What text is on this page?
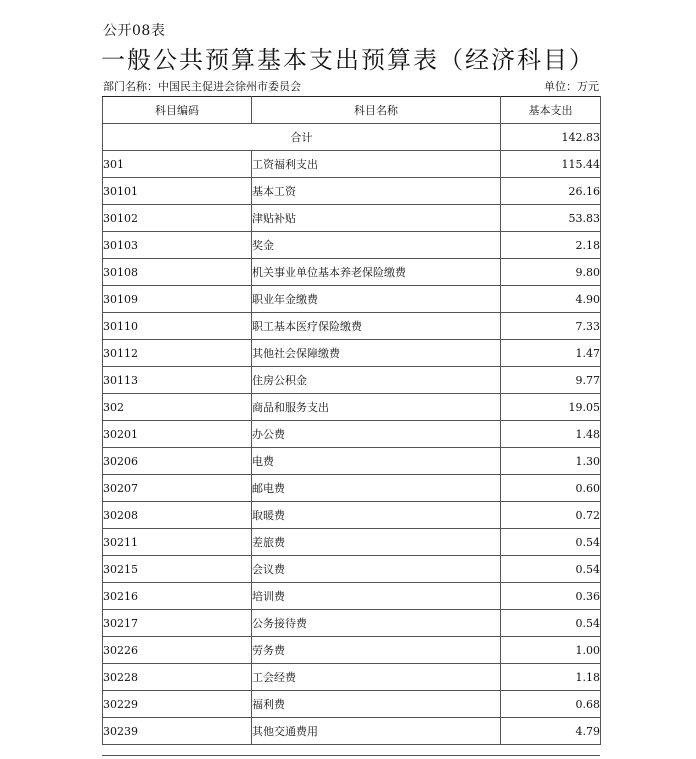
公开08表
一般公共预算基本支出预算表（经济科目）
部门名称：中国民主促进会徐州市委员会	单位：万元
科目编码	科目名称	基本支出
合计		142.83
301	工资福利支出	115.44
30101	基本工资	26.16
30102	津贴补贴	53.83
30103	奖金	2.18
30108	机关事业单位基本养老保险缴费	9.80
30109	职业年金缴费	4.90
30110	职工基本医疗保险缴费	7.33
30112	其他社会保障缴费	1.47
30113	住房公积金	9.77
302	商品和服务支出	19.05
30201	办公费	1.48
30206	电费	1.30
30207	邮电费	0.60
30208	取暖费	0.72
30211	差旅费	0.54
30215	会议费	0.54
30216	培训费	0.36
30217	公务接待费	0.54
30226	劳务费	1.00
30228	工会经费	1.18
30229	福利费	0.68
30239	其他交通费用	4.79
